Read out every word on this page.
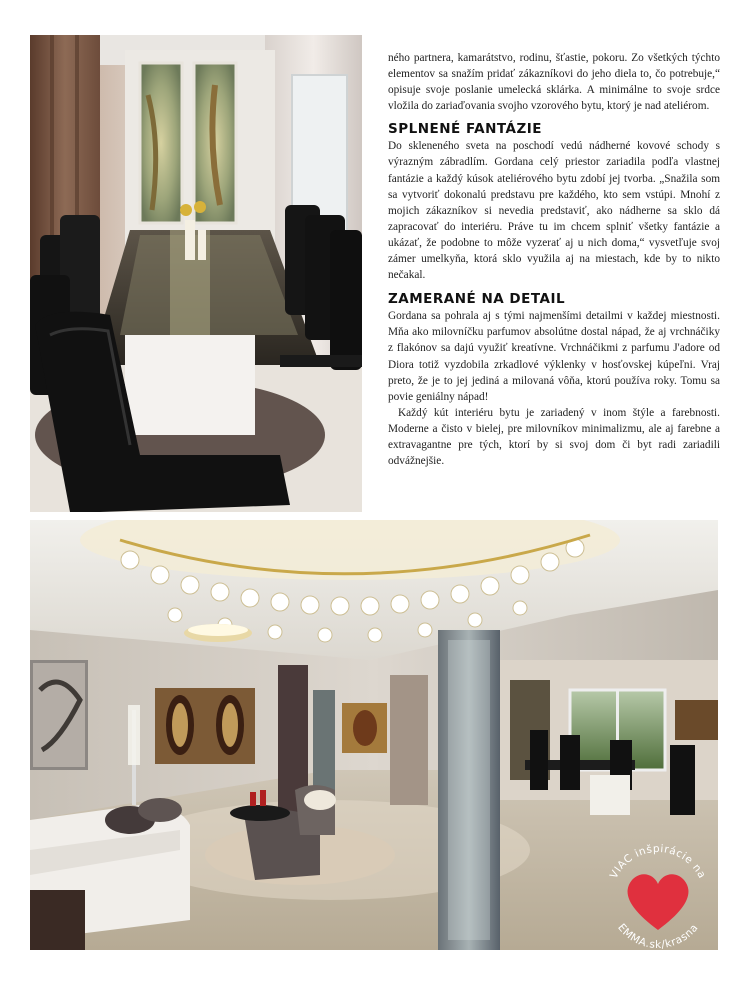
ného partnera, kamarátstvo, rodinu, šťastie, pokoru. Zo všetkých týchto elementov sa snažím pridať zákazníkovi do jeho diela to, čo potrebuje,“ opisuje svoje poslanie umelecká sklárka. A minimálne to svoje srdce vložila do zariaďovania svojho vzorového bytu, ktorý je nad ateliérom.

SPLNENÉ FANTÁZIE

Do skleneného sveta na poschodí vedú nádherné kovové schody s výrazným zábradlím. Gordana celý priestor zariadila podľa vlastnej fantázie a každý kúsok ateliérového bytu zdobí jej tvorba. „Snažila som sa vytvoriť dokonalú predstavu pre každého, kto sem vstúpi. Mnohí z mojich zákazníkov si nevedia predstaviť, ako nádherne sa sklo dá zapracovať do interiéru. Práve tu im chcem splniť všetky fantázie a ukázať, že podobne to môže vyzerať aj u nich doma,“ vysvetľuje svoj zámer umelkyňa, ktorá sklo využila aj na miestach, kde by to nikto nečakal.

ZAMERANÉ NA DETAIL

Gordana sa pohrala aj s tými najmenšími detailmi v každej miestnosti. Mňa ako milovníčku parfumov absolútne dostal nápad, že aj vrchnáčiky z flakónov sa dajú využiť kreatívne. Vrchnáčikmi z parfumu J'adore od Diora totiž vyzdobila zrkadlové výklenky v hosťovskej kúpeľni. Vraj preto, že je to jej jediná a milovaná vôňa, ktorú používa roky. Tomu sa povie geniálny nápad!

Každý kút interiéru bytu je zariadený v inom štýle a farebnosti. Moderne a čisto v bielej, pre milovníkov minimalizmu, ale aj farebne a extravagantne pre tých, ktorí by si svoj dom či byt radi zariadili odvážnejšie.

VIAC inšpirácie na
EMMA.sk/krasna
